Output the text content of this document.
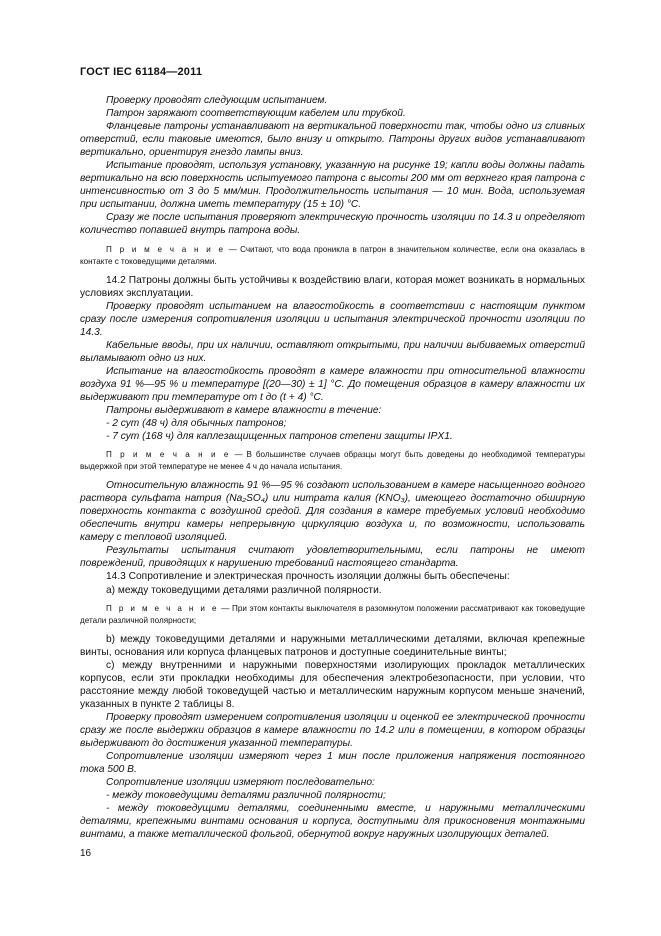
ГОСТ IEC 61184—2011

Проверку проводят следующим испытанием.

Патрон заряжают соответствующим кабелем или трубкой.

Фланцевые патроны устанавливают на вертикальной поверхности так, чтобы одно из сливных отверстий, если таковые имеются, было внизу и открыто. Патроны других видов устанавливают вертикально, ориентируя гнездо лампы вниз.

Испытание проводят, используя установку, указанную на рисунке 19; капли воды должны падать вертикально на всю поверхность испытуемого патрона с высоты 200 мм от верхнего края патрона с интенсивностью от 3 до 5 мм/мин. Продолжительность испытания — 10 мин. Вода, используемая при испытании, должна иметь температуру (15 ± 10) °С.

Сразу же после испытания проверяют электрическую прочность изоляции по 14.3 и определяют количество попавшей внутрь патрона воды.

П р и м е ч а н и е — Считают, что вода проникла в патрон в значительном количестве, если она оказалась в контакте с токоведущими деталями.

14.2 Патроны должны быть устойчивы к воздействию влаги, которая может возникать в нормальных условиях эксплуатации.

Проверку проводят испытанием на влагостойкость в соответствии с настоящим пунктом сразу после измерения сопротивления изоляции и испытания электрической прочности изоляции по 14.3.

Кабельные вводы, при их наличии, оставляют открытыми, при наличии выбиваемых отверстий выламывают одно из них.

Испытание на влагостойкость проводят в камере влажности при относительной влажности воздуха 91 %—95 % и температуре [(20—30) ± 1] °С. До помещения образцов в камеру влажности их выдерживают при температуре от t до (t + 4) °С.

Патроны выдерживают в камере влажности в течение:

- 2 сут (48 ч) для обычных патронов;

- 7 сут (168 ч) для каплезащищенных патронов степени защиты IPX1.

П р и м е ч а н и е — В большинстве случаев образцы могут быть доведены до необходимой температуры выдержкой при этой температуре не менее 4 ч до начала испытания.

Относительную влажность 91 %—95 % создают использованием в камере насыщенного водного раствора сульфата натрия (Na₂SO₄) или нитрата калия (KNO₃), имеющего достаточно обширную поверхность контакта с воздушной средой. Для создания в камере требуемых условий необходимо обеспечить внутри камеры непрерывную циркуляцию воздуха и, по возможности, использовать камеру с тепловой изоляцией.

Результаты испытания считают удовлетворительными, если патроны не имеют повреждений, приводящих к нарушению требований настоящего стандарта.

14.3 Сопротивление и электрическая прочность изоляции должны быть обеспечены:

а) между токоведущими деталями различной полярности.

П р и м е ч а н и е — При этом контакты выключателя в разомкнутом положении рассматривают как токоведущие детали различной полярности;

b) между токоведущими деталями и наружными металлическими деталями, включая крепежные винты, основания или корпуса фланцевых патронов и доступные соединительные винты;

c) между внутренними и наружными поверхностями изолирующих прокладок металлических корпусов, если эти прокладки необходимы для обеспечения электробезопасности, при условии, что расстояние между любой токоведущей частью и металлическим наружным корпусом меньше значений, указанных в пункте 2 таблицы 8.

Проверку проводят измерением сопротивления изоляции и оценкой ее электрической прочности сразу же после выдержки образцов в камере влажности по 14.2 или в помещении, в котором образцы выдерживают до достижения указанной температуры.

Сопротивление изоляции измеряют через 1 мин после приложения напряжения постоянного тока 500 В.

Сопротивление изоляции измеряют последовательно:

- между токоведущими деталями различной полярности;

- между токоведущими деталями, соединенными вместе, и наружными металлическими деталями, крепежными винтами основания и корпуса, доступными для прикосновения монтажными винтами, а также металлической фольгой, обернутой вокруг наружных изолирующих деталей.

16
